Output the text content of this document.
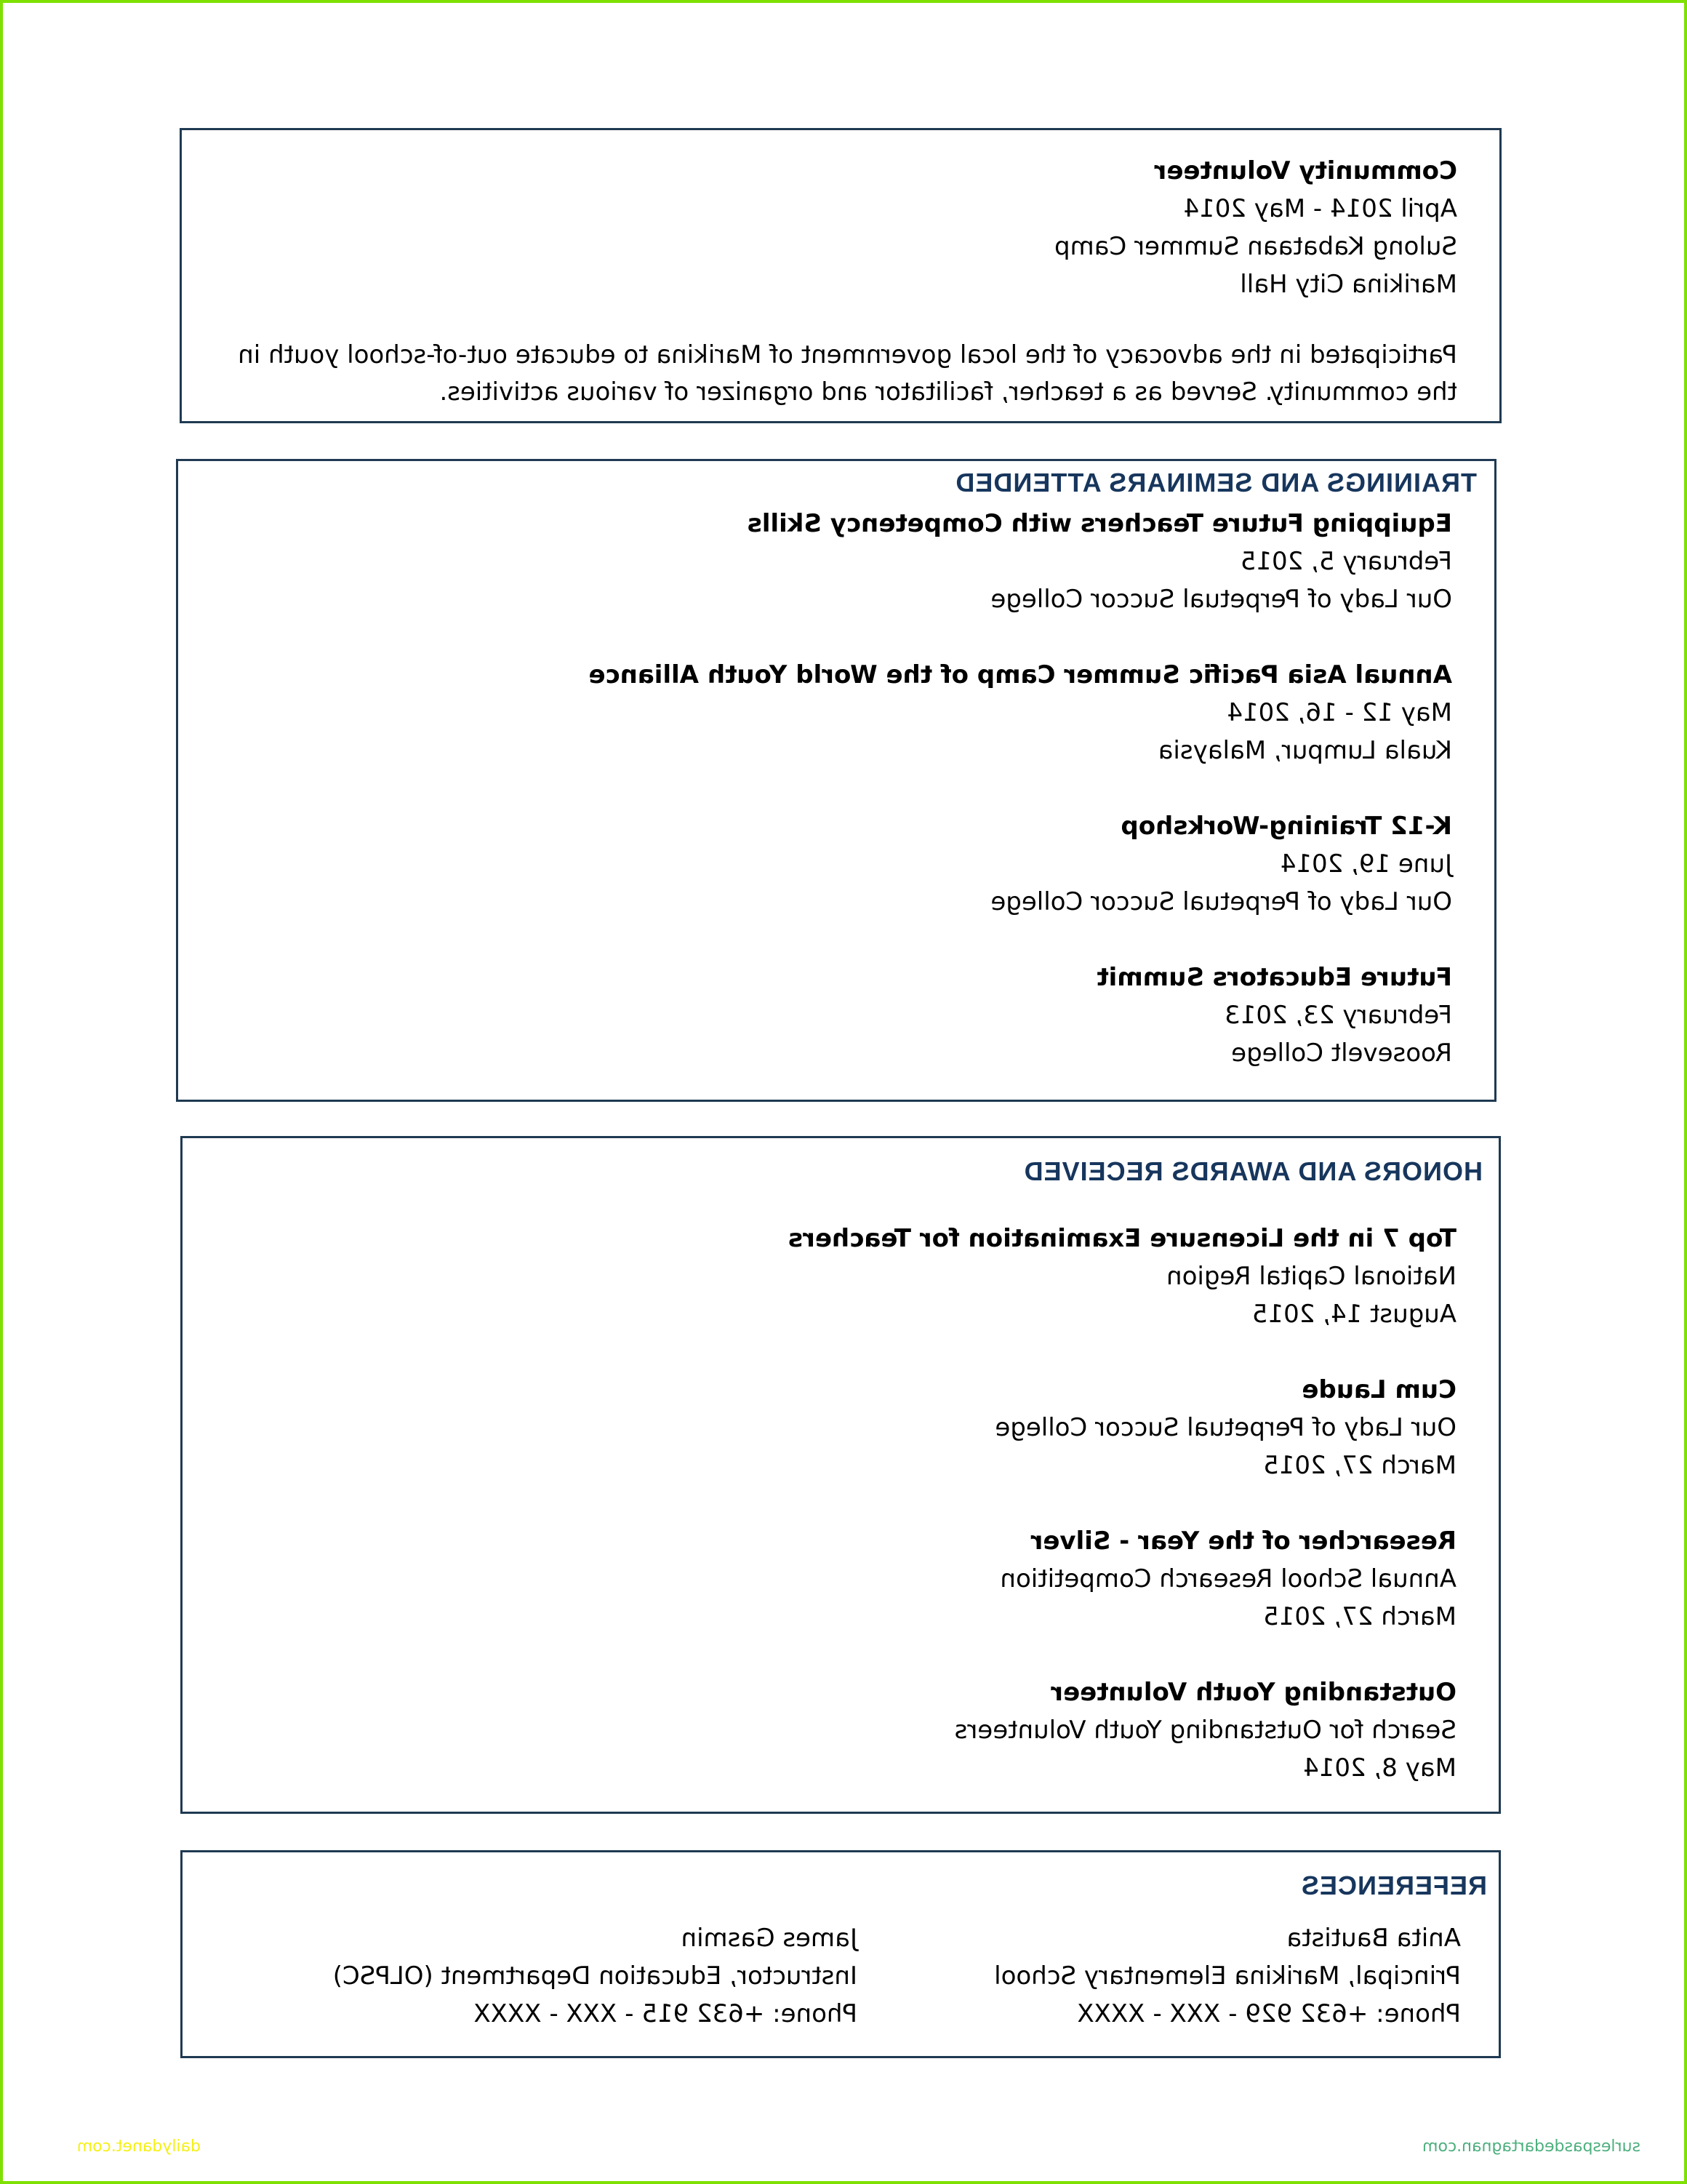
Community Volunteer
April 2014 - May 2014
Sulong Kabataan Summer Camp
Marikina City Hall

Participated in the advocacy of the local government of Marikina to educate out-of-school youth in the community. Served as a teacher, facilitator and organizer of various activities.

TRAININGS AND SEMINARS ATTENDED
Equipping Future Teachers with Competency Skills
February 5, 2015
Our Lady of Perpetual Succor College
Annual Asia Pacific Summer Camp of the World Youth Alliance
May 12 - 16, 2014
Kuala Lumpur, Malaysia
K-12 Training-Workshop
June 19, 2014
Our Lady of Perpetual Succor College
Future Educators Summit
February 23, 2013
Roosevelt College
HONORS AND AWARDS RECEIVED
Top 7 in the Licensure Examination for Teachers
National Capital Region
August 14, 2015
Cum Laude
Our Lady of Perpetual Succor College
March 27, 2015
Researcher of the Year - Silver
Annual School Research Competition
March 27, 2015
Outstanding Youth Volunteer
Search for Outstanding Youth Volunteers
May 8, 2014
REFERENCES
Anita Bautista
Principal, Marikina Elementary School
Phone: +632 929 - XXX - XXXX
James Gasmin
Instructor, Education Department (OLPSC)
Phone: +632 915 - XXX - XXXX
surlespasdedartagnan.com
dailydanet.com
